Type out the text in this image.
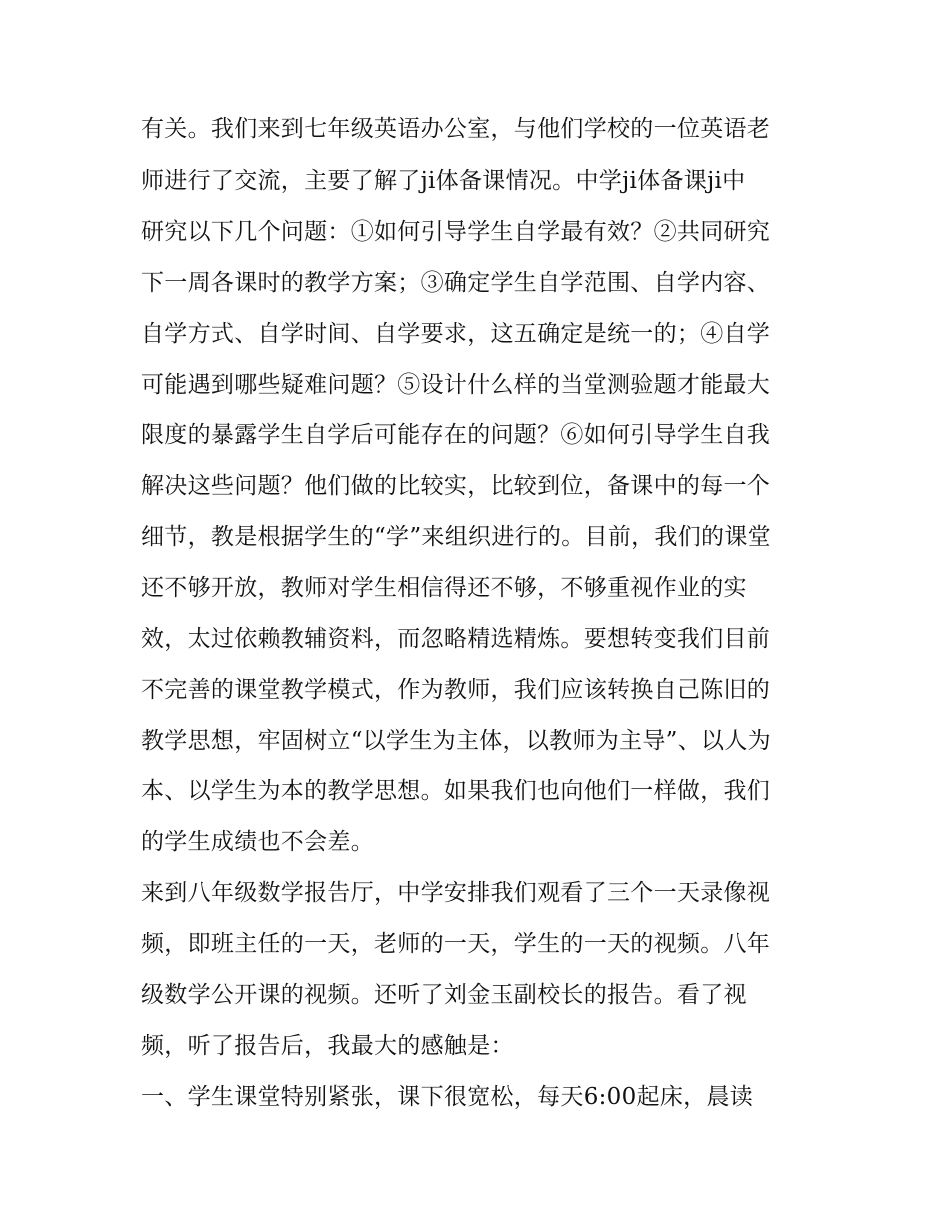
有关。我们来到七年级英语办公室，与他们学校的一位英语老
师进行了交流，主要了解了ji体备课情况。中学ji体备课ji中
研究以下几个问题：①如何引导学生自学最有效？②共同研究
下一周各课时的教学方案；③确定学生自学范围、自学内容、
自学方式、自学时间、自学要求，这五确定是统一的；④自学
可能遇到哪些疑难问题？⑤设计什么样的当堂测验题才能最大
限度的暴露学生自学后可能存在的问题？⑥如何引导学生自我
解决这些问题？他们做的比较实，比较到位，备课中的每一个
细节，教是根据学生的“学”来组织进行的。目前，我们的课堂
还不够开放，教师对学生相信得还不够，不够重视作业的实
效，太过依赖教辅资料，而忽略精选精炼。要想转变我们目前
不完善的课堂教学模式，作为教师，我们应该转换自己陈旧的
教学思想，牢固树立“以学生为主体，以教师为主导”、以人为
本、以学生为本的教学思想。如果我们也向他们一样做，我们
的学生成绩也不会差。
来到八年级数学报告厅，中学安排我们观看了三个一天录像视
频，即班主任的一天，老师的一天，学生的一天的视频。八年
级数学公开课的视频。还听了刘金玉副校长的报告。看了视
频，听了报告后，我最大的感触是：
一、学生课堂特别紧张，课下很宽松，每天6:00起床，晨读
